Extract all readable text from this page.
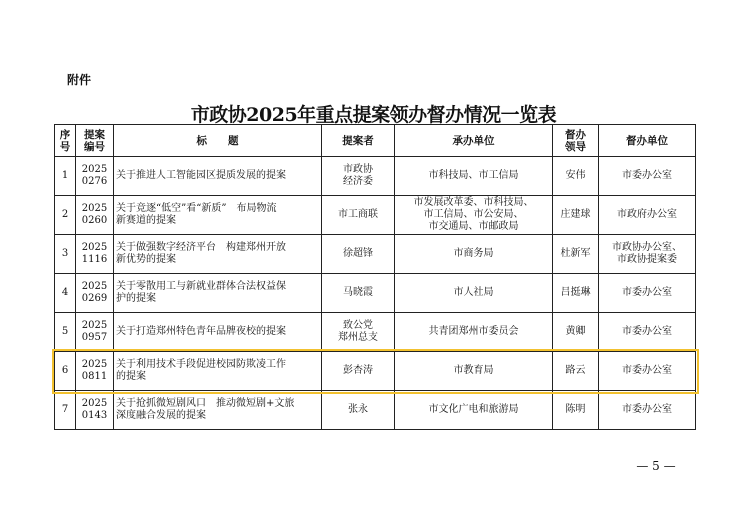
附件
市政协2025年重点提案领办督办情况一览表
序
号	提案
编号	标　　题	提案者	承办单位	督办
领导	督办单位
1	2025
0276	关于推进人工智能园区提质发展的提案	市政协
经济委	市科技局、市工信局	安伟	市委办公室

2	2025
0260	关于竞逐“低空”看“新质”　布局物流
新赛道的提案	市工商联	市发展改革委、市科技局、
市工信局、市公安局、
市交通局、市邮政局	庄建球	市政府办公室

3	2025
1116	关于做强数字经济平台　构建郑州开放
新优势的提案	徐超锋	市商务局	杜新军	市政协办公室、
市政协提案委

4	2025
0269	关于零散用工与新就业群体合法权益保
护的提案	马晓霞	市人社局	吕挺琳	市委办公室

5	2025
0957	关于打造郑州特色青年品牌夜校的提案	致公党
郑州总支	共青团郑州市委员会	黄卿	市委办公室

6	2025
0811	关于利用技术手段促进校园防欺凌工作
的提案	彭杏涛	市教育局	路云	市委办公室

7	2025
0143	关于抢抓微短剧风口　推动微短剧+文旅
深度融合发展的提案	张永	市文化广电和旅游局	陈明	市委办公室
— 5 —
